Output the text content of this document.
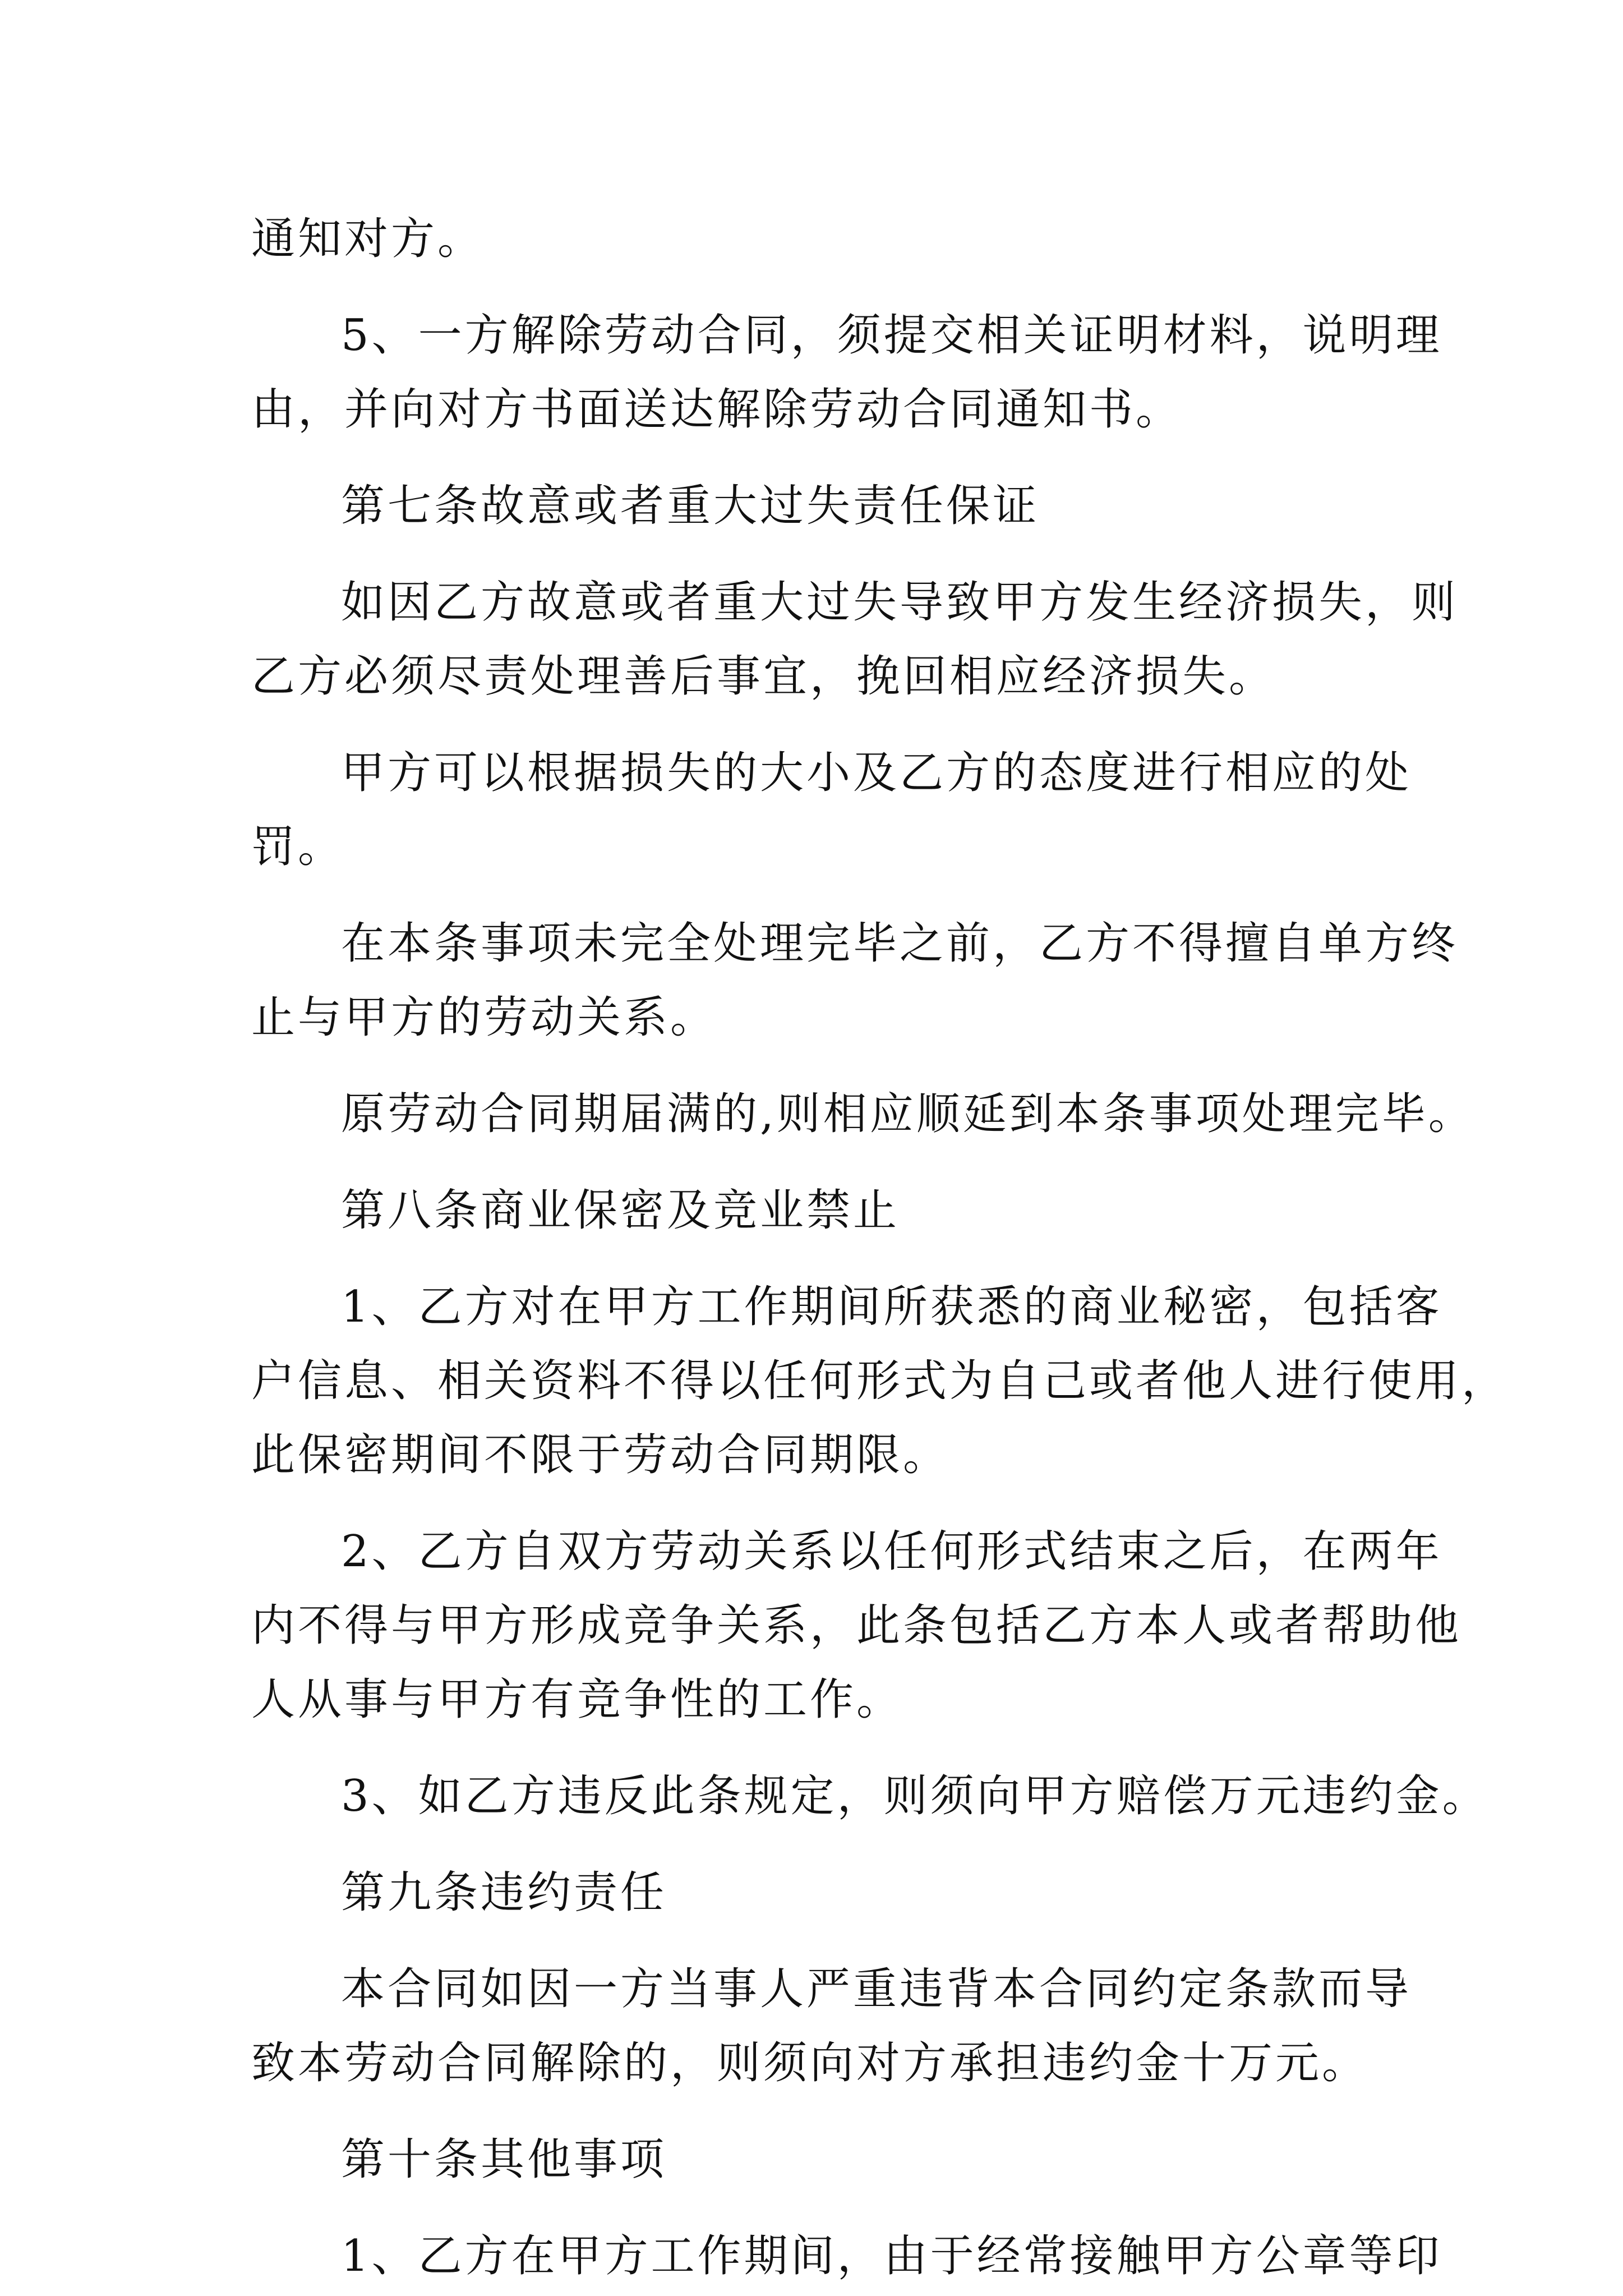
通知对方。
5、一方解除劳动合同，须提交相关证明材料，说明理
由，并向对方书面送达解除劳动合同通知书。
第七条故意或者重大过失责任保证
如因乙方故意或者重大过失导致甲方发生经济损失，则
乙方必须尽责处理善后事宜，挽回相应经济损失。
甲方可以根据损失的大小及乙方的态度进行相应的处
罚。
在本条事项未完全处理完毕之前，乙方不得擅自单方终
止与甲方的劳动关系。
原劳动合同期届满的,则相应顺延到本条事项处理完毕。
第八条商业保密及竞业禁止
1、乙方对在甲方工作期间所获悉的商业秘密，包括客
户信息、相关资料不得以任何形式为自己或者他人进行使用，
此保密期间不限于劳动合同期限。
2、乙方自双方劳动关系以任何形式结束之后，在两年
内不得与甲方形成竞争关系，此条包括乙方本人或者帮助他
人从事与甲方有竞争性的工作。
3、如乙方违反此条规定，则须向甲方赔偿万元违约金。
第九条违约责任
本合同如因一方当事人严重违背本合同约定条款而导
致本劳动合同解除的，则须向对方承担违约金十万元。
第十条其他事项
1、乙方在甲方工作期间，由于经常接触甲方公章等印
